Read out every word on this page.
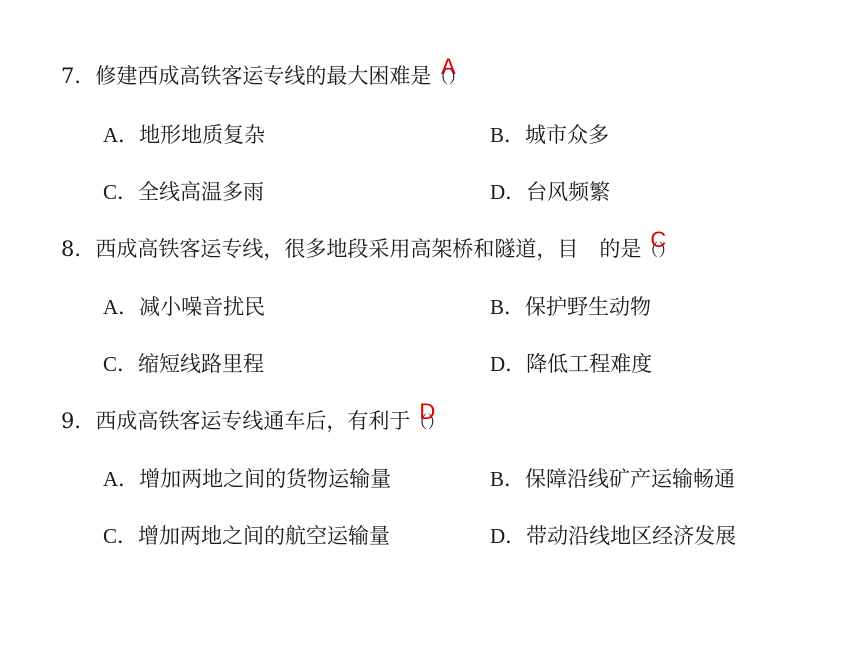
7．修建西成高铁客运专线的最大困难是（）
A
A．地形地质复杂	B．城市众多
C．全线高温多雨	D．台风频繁
8．西成高铁客运专线，很多地段采用高架桥和隧道，目　的是（）
C
A．减小噪音扰民	B．保护野生动物
C．缩短线路里程	D．降低工程难度
9．西成高铁客运专线通车后，有利于（）
D
A．增加两地之间的货物运输量	B．保障沿线矿产运输畅通
C．增加两地之间的航空运输量	D．带动沿线地区经济发展
